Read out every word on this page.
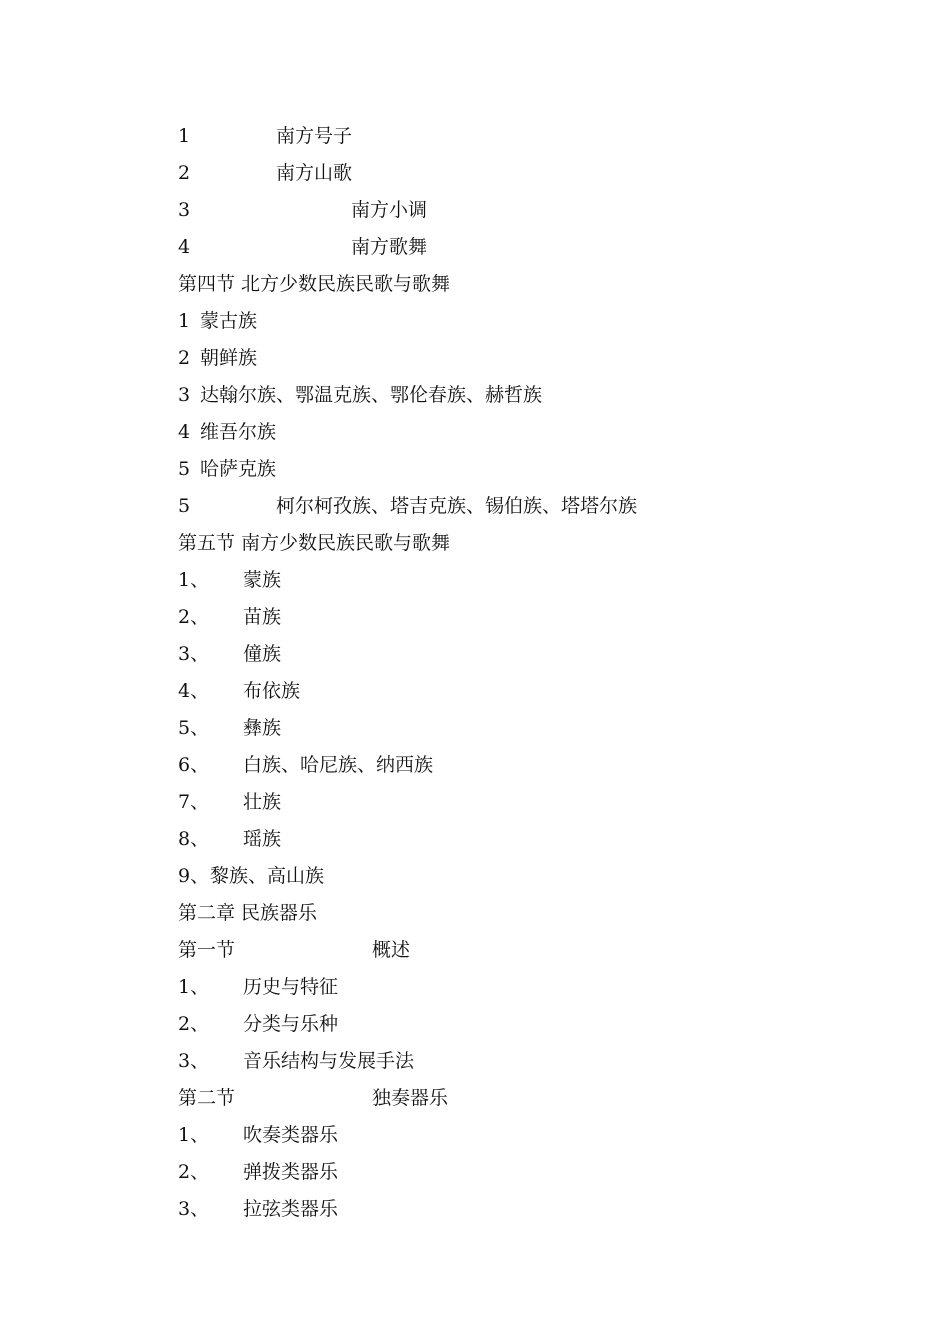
1	南方号子
2	南方山歌
3	南方小调
4	南方歌舞
第四节 北方少数民族民歌与歌舞
1 蒙古族
2 朝鲜族
3 达翰尔族、鄂温克族、鄂伦春族、赫哲族
4 维吾尔族
5 哈萨克族
5	柯尔柯孜族、塔吉克族、锡伯族、塔塔尔族
第五节 南方少数民族民歌与歌舞
1、 蒙族
2、 苗族
3、 僮族
4、 布依族
5、 彝族
6、 白族、哈尼族、纳西族
7、 壮族
8、 瑶族
9、 黎族、高山族
第二章 民族器乐
第一节	概述
1、 历史与特征
2、 分类与乐种
3、 音乐结构与发展手法
第二节	独奏器乐
1、 吹奏类器乐
2、 弹拨类器乐
3、 拉弦类器乐
